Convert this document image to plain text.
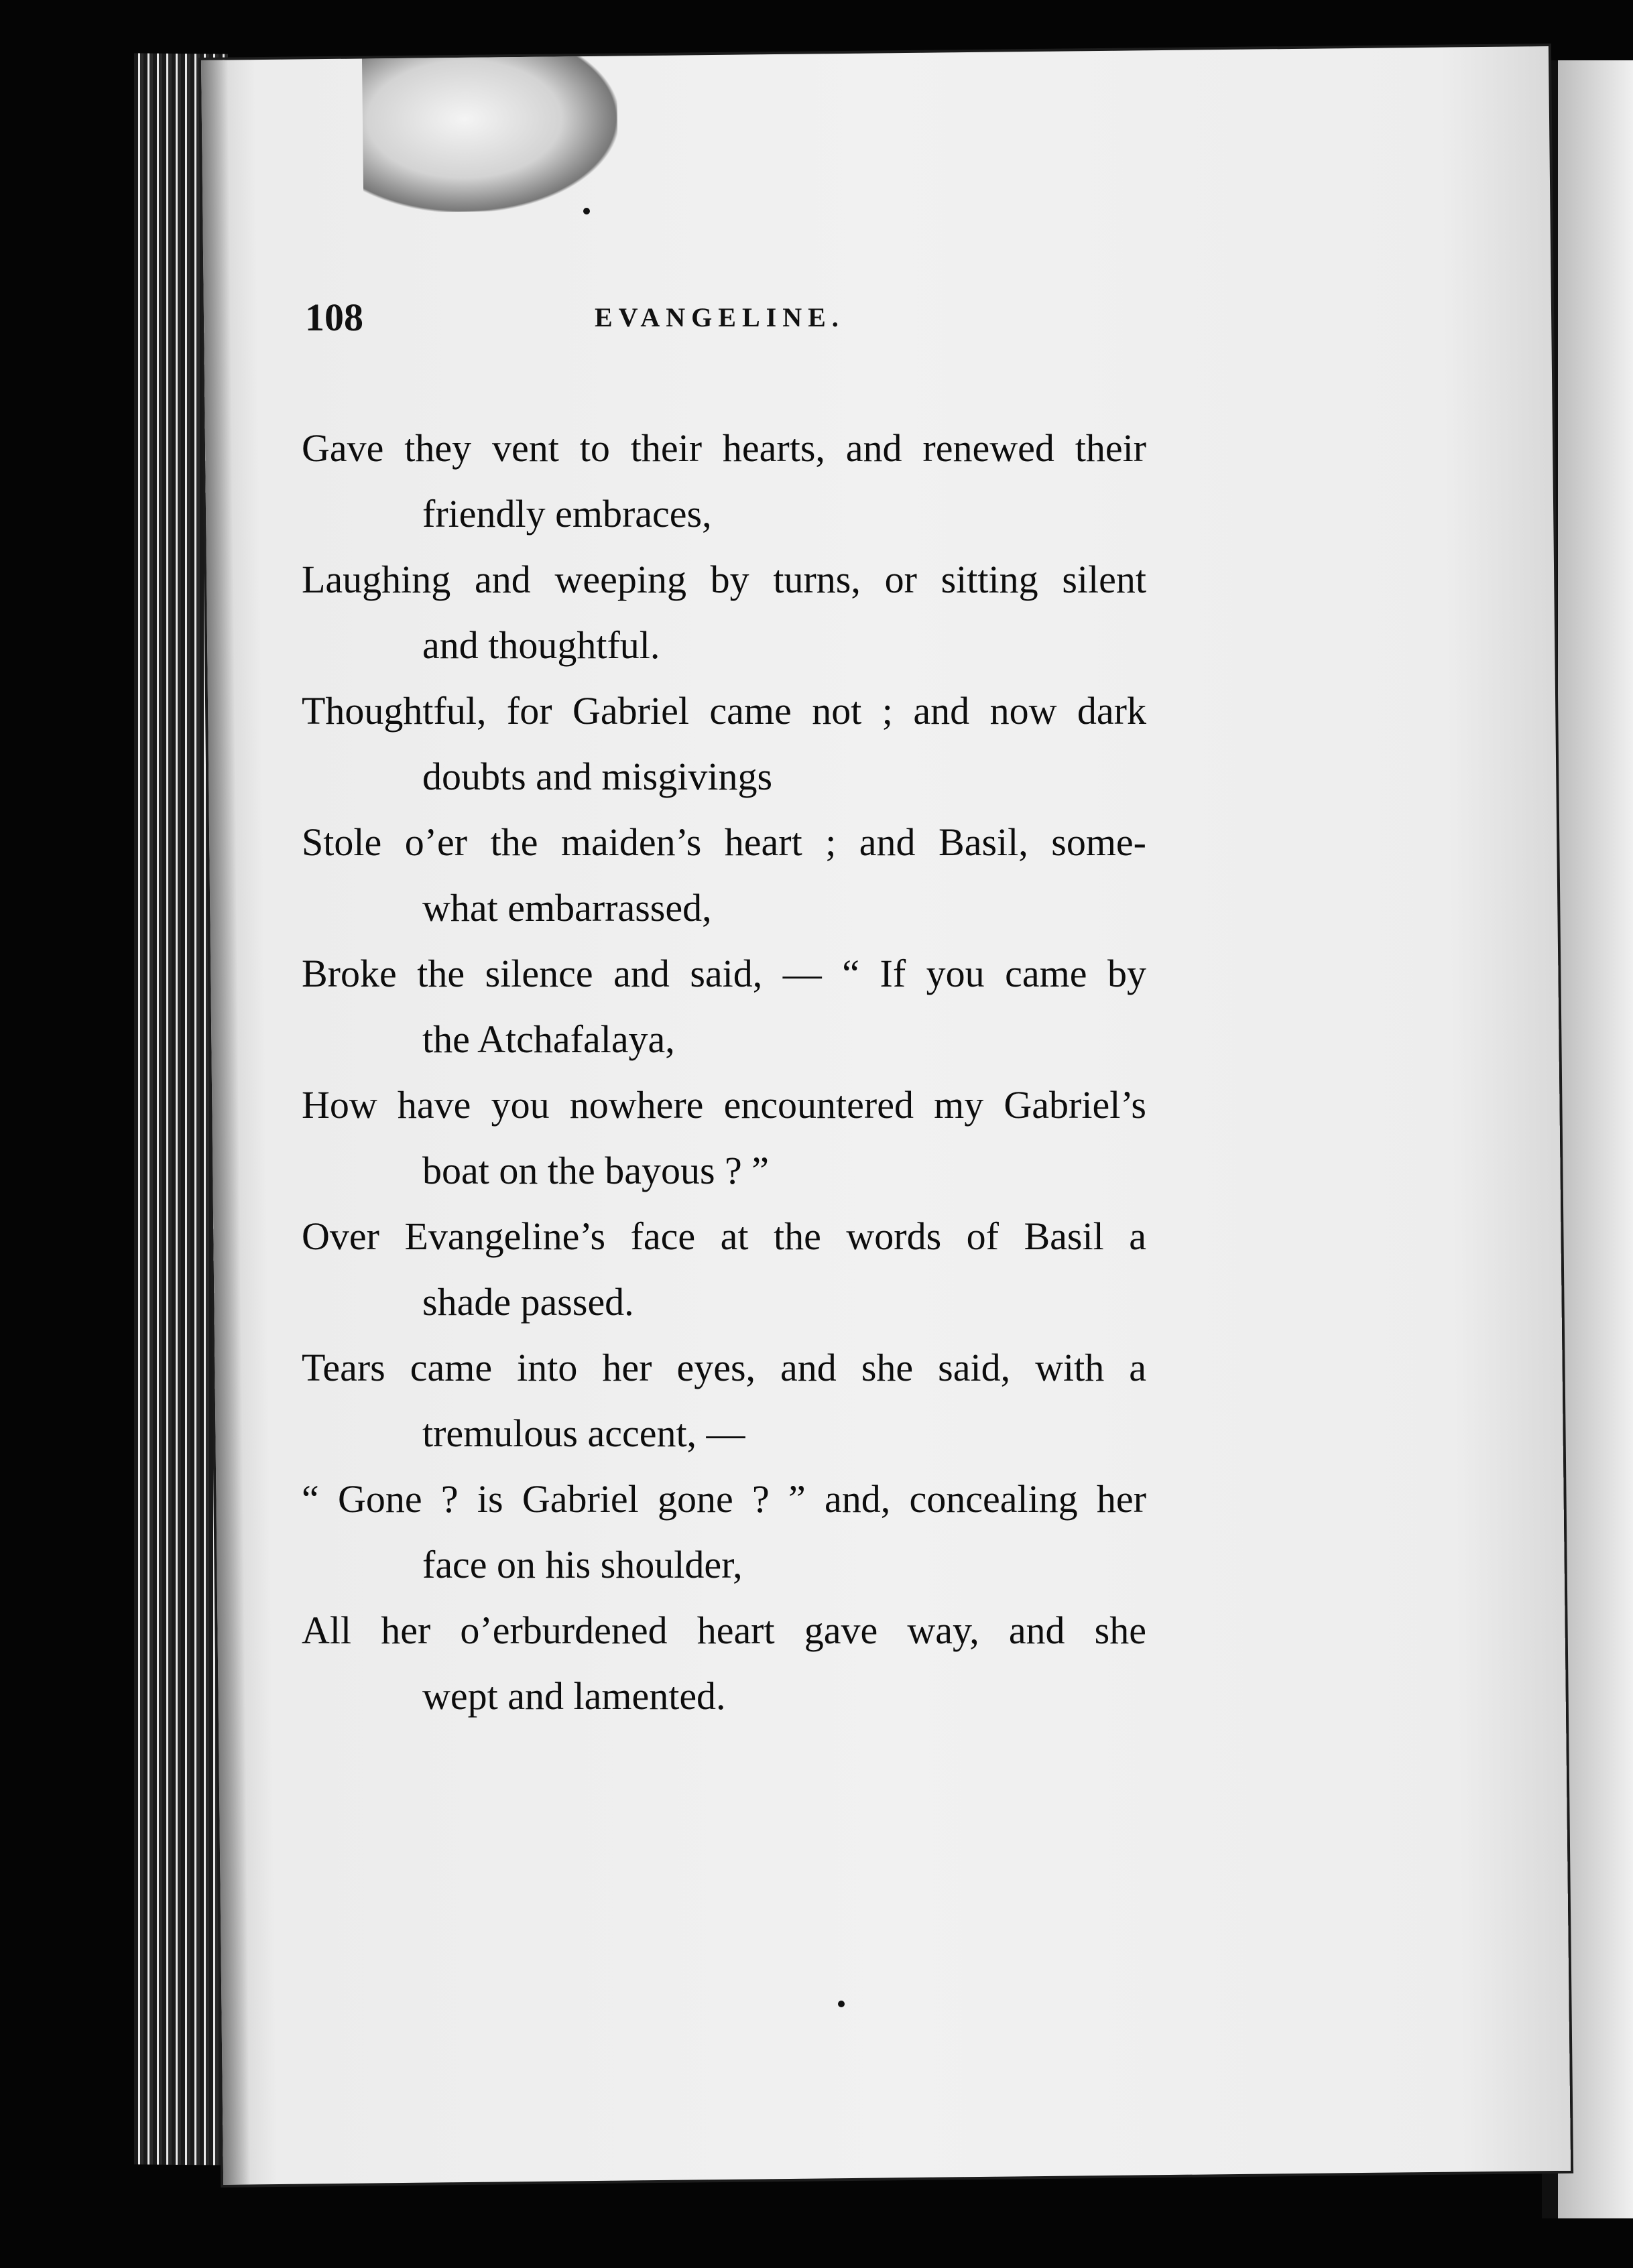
108	EVANGELINE.
Gave they vent to their hearts, and renewed their
friendly embraces,
Laughing and weeping by turns, or sitting silent
and thoughtful.
Thoughtful, for Gabriel came not ; and now dark
doubts and misgivings
Stole o’er the maiden’s heart ; and Basil, some-
what embarrassed,
Broke the silence and said, — “ If you came by
the Atchafalaya,
How have you nowhere encountered my Gabriel’s
boat on the bayous ? ”
Over Evangeline’s face at the words of Basil a
shade passed.
Tears came into her eyes, and she said, with a
tremulous accent, —
“ Gone ? is Gabriel gone ? ” and, concealing her
face on his shoulder,
All her o’erburdened heart gave way, and she
wept and lamented.
